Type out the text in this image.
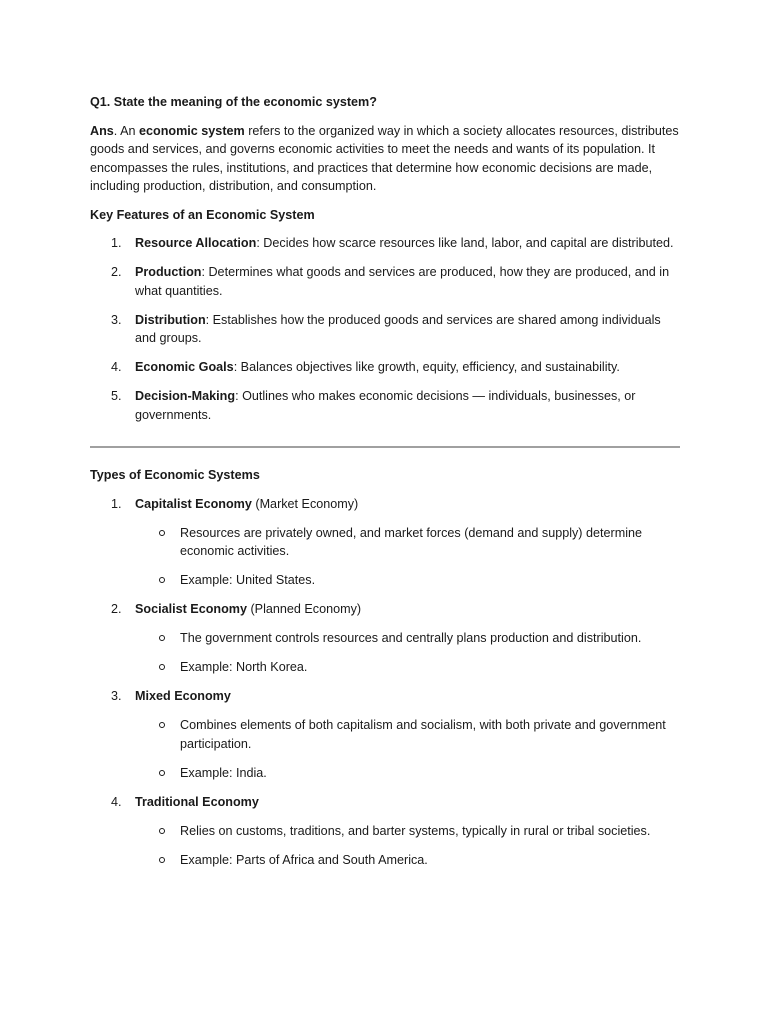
Q1. State the meaning of the economic system?

Ans. An economic system refers to the organized way in which a society allocates resources, distributes goods and services, and governs economic activities to meet the needs and wants of its population. It encompasses the rules, institutions, and practices that determine how economic decisions are made, including production, distribution, and consumption.

Key Features of an Economic System

1. Resource Allocation: Decides how scarce resources like land, labor, and capital are distributed.
2. Production: Determines what goods and services are produced, how they are produced, and in what quantities.
3. Distribution: Establishes how the produced goods and services are shared among individuals and groups.
4. Economic Goals: Balances objectives like growth, equity, efficiency, and sustainability.
5. Decision-Making: Outlines who makes economic decisions — individuals, businesses, or governments.

Types of Economic Systems

1. Capitalist Economy (Market Economy)
Resources are privately owned, and market forces (demand and supply) determine economic activities.
Example: United States.
2. Socialist Economy (Planned Economy)
The government controls resources and centrally plans production and distribution.
Example: North Korea.
3. Mixed Economy
Combines elements of both capitalism and socialism, with both private and government participation.
Example: India.
4. Traditional Economy
Relies on customs, traditions, and barter systems, typically in rural or tribal societies.
Example: Parts of Africa and South America.
